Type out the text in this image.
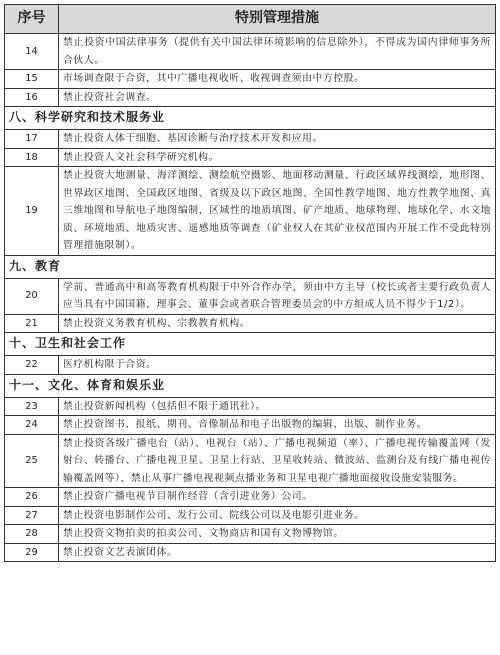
序号	特别管理措施
14	禁止投资中国法律事务（提供有关中国法律环境影响的信息除外），不得成为国内律师事务所合伙人。
15	市场调查限于合资，其中广播电视收听、收视调查须由中方控股。
16	禁止投资社会调查。
八、科学研究和技术服务业	
17	禁止投资人体干细胞、基因诊断与治疗技术开发和应用。
18	禁止投资人文社会科学研究机构。
19	禁止投资大地测量、海洋测绘、测绘航空摄影、地面移动测量、行政区域界线测绘，地形图、世界政区地图、全国政区地图、省级及以下政区地图、全国性教学地图、地方性教学地图、真三维地图和导航电子地图编制，区域性的地质填图、矿产地质、地球物理、地球化学、水文地质、环境地质、地质灾害、遥感地质等调查（矿业权人在其矿业权范围内开展工作不受此特别管理措施限制）。
九、教育	
20	学前、普通高中和高等教育机构限于中外合作办学，须由中方主导（校长或者主要行政负责人应当具有中国国籍，理事会、董事会或者联合管理委员会的中方组成人员不得少于1/2）。
21	禁止投资义务教育机构、宗教教育机构。
十、卫生和社会工作	
22	医疗机构限于合资。
十一、文化、体育和娱乐业	
23	禁止投资新闻机构（包括但不限于通讯社）。
24	禁止投资图书、报纸、期刊、音像制品和电子出版物的编辑、出版、制作业务。
25	禁止投资各级广播电台（站）、电视台（站）、广播电视频道（率）、广播电视传输覆盖网（发射台、转播台、广播电视卫星、卫星上行站、卫星收转站、微波站、监测台及有线广播电视传输覆盖网等），禁止从事广播电视视频点播业务和卫星电视广播地面接收设施安装服务。
26	禁止投资广播电视节目制作经营（含引进业务）公司。
27	禁止投资电影制作公司、发行公司、院线公司以及电影引进业务。
28	禁止投资文物拍卖的拍卖公司、文物商店和国有文物博物馆。
29	禁止投资文艺表演团体。
